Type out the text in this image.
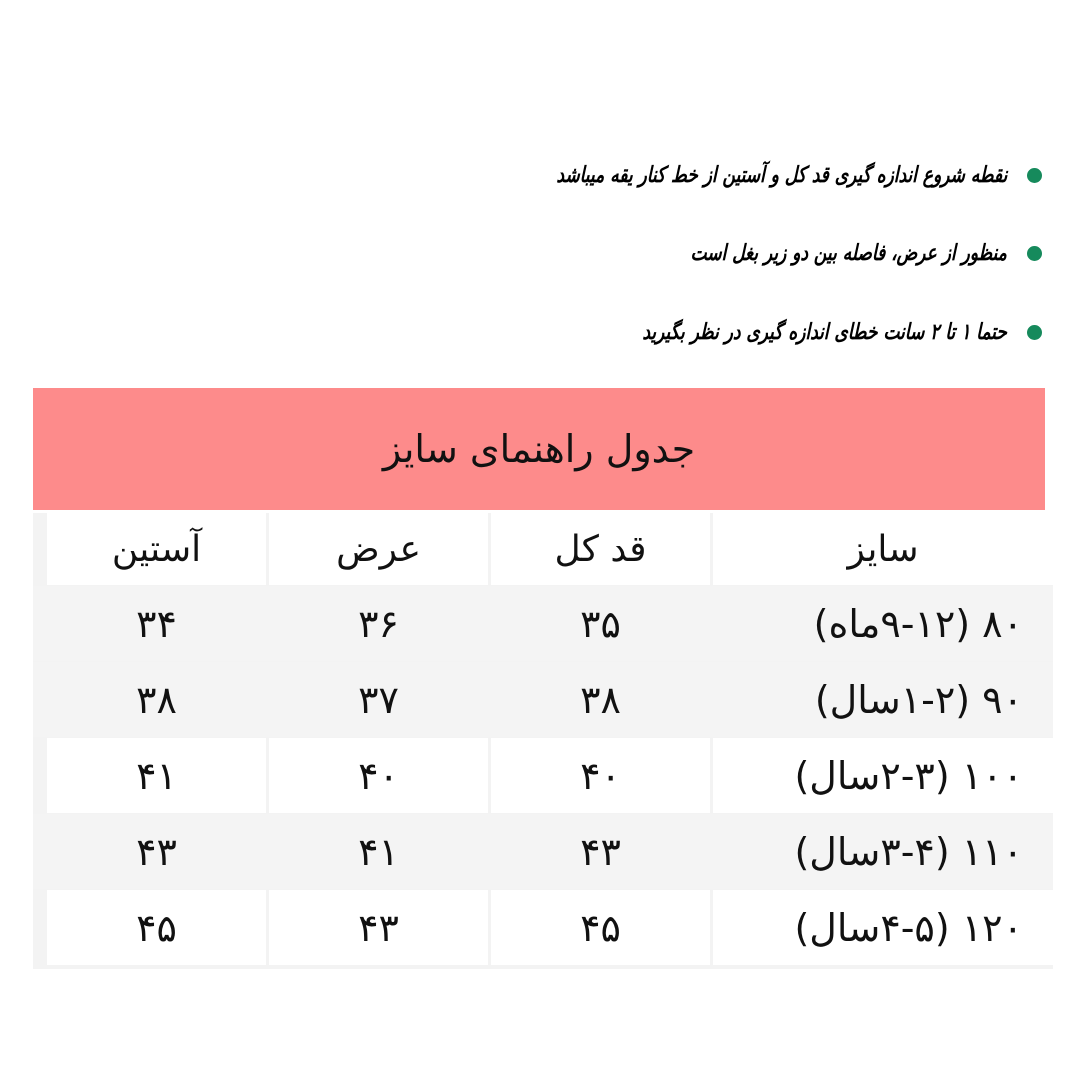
نقطه شروع اندازه گیری قد کل و آستین از خط کنار یقه میباشد
منظور از عرض، فاصله بین دو زیر بغل است
حتما ۱ تا ۲ سانت خطای اندازه گیری در نظر بگیرید
جدول راهنمای سایز
سایز
قد کل
عرض
آستین
۸۰ (۹-۱۲ماه)
۳۵
۳۶
۳۴
۹۰ (۱-۲سال)
۳۸
۳۷
۳۸
۱۰۰ (۲-۳سال)
۴۰
۴۰
۴۱
۱۱۰ (۳-۴سال)
۴۳
۴۱
۴۳
۱۲۰ (۴-۵سال)
۴۵
۴۳
۴۵
